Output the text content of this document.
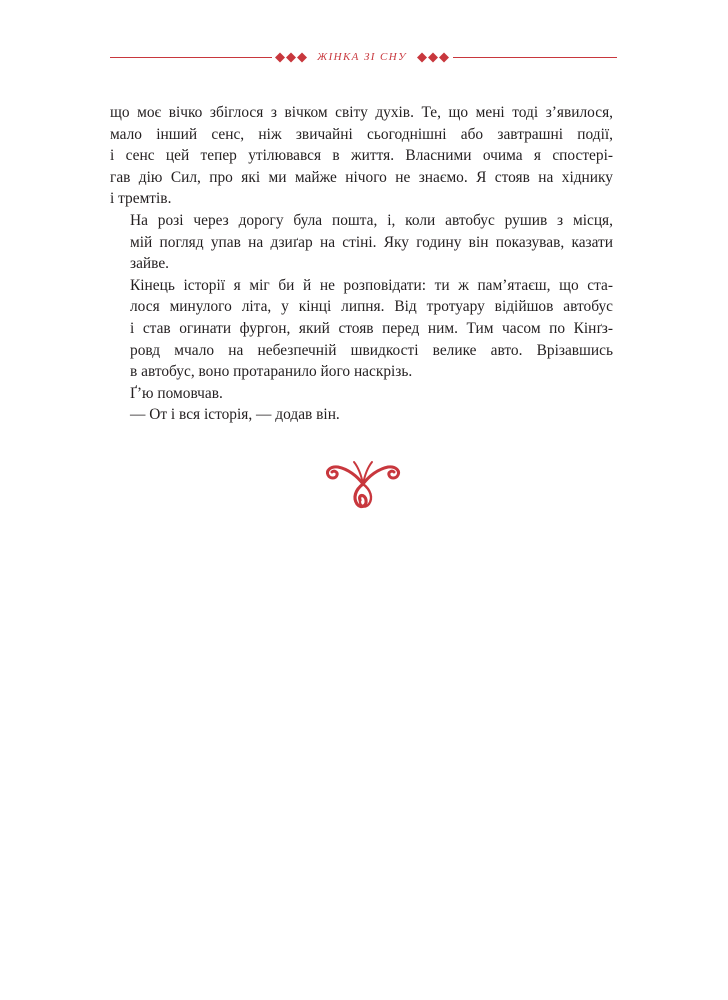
ЖІНКА ЗІ СНУ

що моє вічко збіглося з вічком світу духів. Те, що мені тоді з’явилося,
мало інший сенс, ніж звичайні сьогоднішні або завтрашні події,
і сенс цей тепер утілювався в життя. Власними очима я спостері-
гав дію Сил, про які ми майже нічого не знаємо. Я стояв на хіднику
і тремтів.

На розі через дорогу була пошта, і, коли автобус рушив з місця,
мій погляд упав на дзиґар на стіні. Яку годину він показував, казати
зайве.

Кінець історії я міг би й не розповідати: ти ж пам’ятаєш, що ста-
лося минулого літа, у кінці липня. Від тротуару відійшов автобус
і став огинати фургон, який стояв перед ним. Тим часом по Кінґз-
ровд мчало на небезпечній швидкості велике авто. Врізавшись
в автобус, воно протаранило його наскрізь.

Ґ’ю помовчав.

— От і вся історія, — додав він.
